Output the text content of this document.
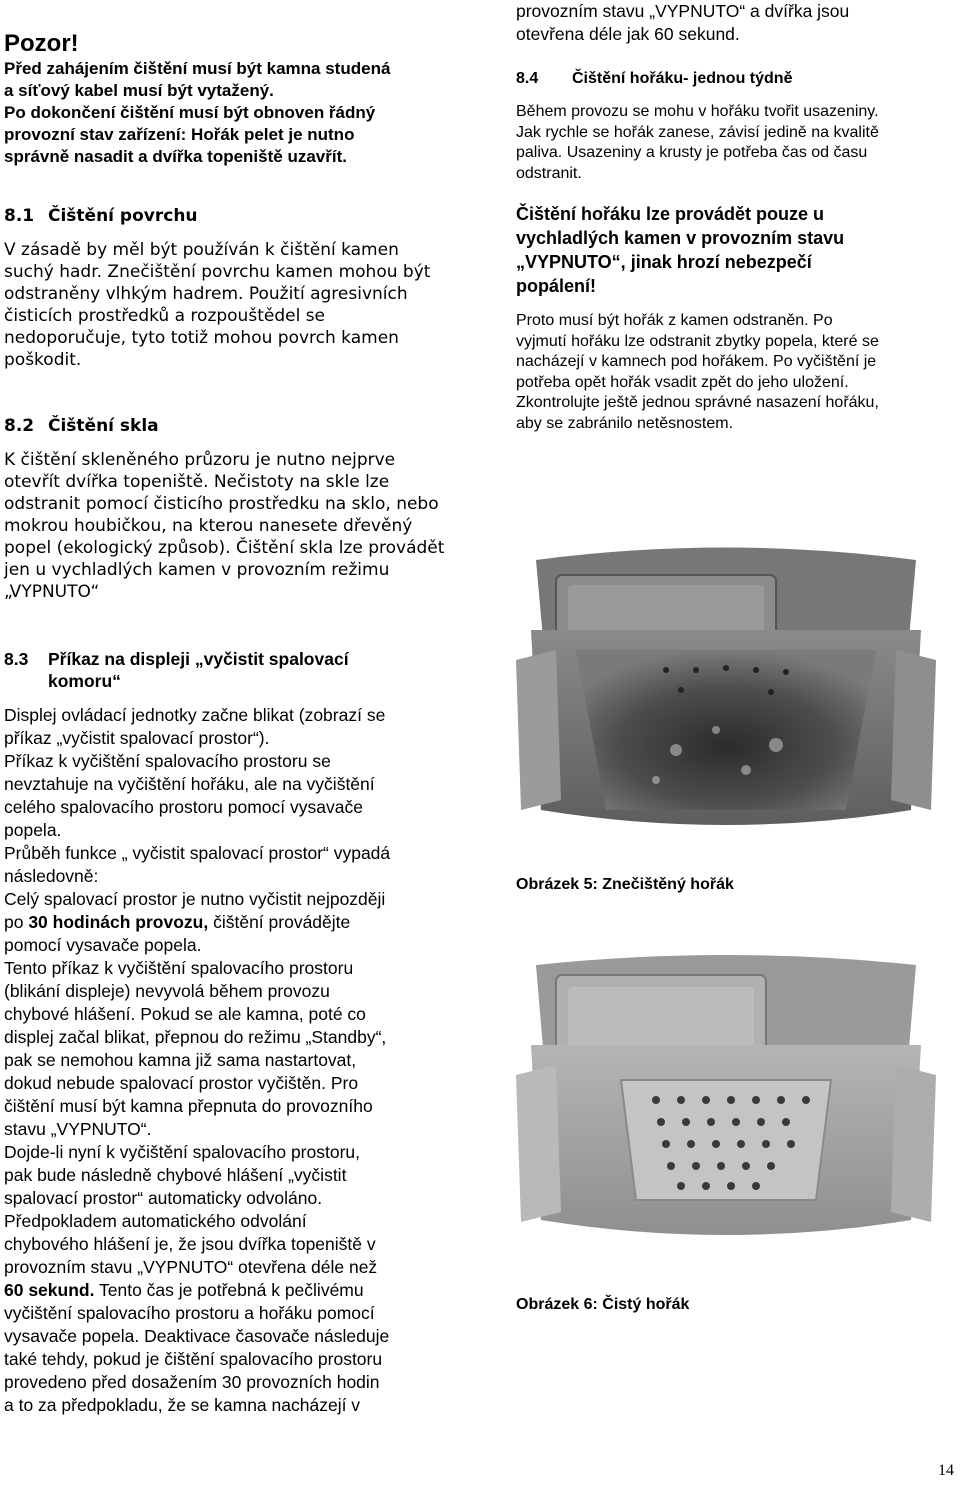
Pozor!

Před zahájením čištění musí být kamna studená

a síťový kabel musí být vytažený.

Po dokončení čištění musí být obnoven řádný

provozní stav zařízení: Hořák pelet je nutno

správně nasadit a dvířka topeniště uzavřít.

8.1 Čištění povrchu

V zásadě by měl být používán k čištění kamen

suchý hadr. Znečištění povrchu kamen mohou být

odstraněny vlhkým hadrem. Použití agresivních

čisticích prostředků a rozpouštědel se

nedoporučuje, tyto totiž mohou povrch kamen

poškodit.

8.2 Čištění skla

K čištění skleněného průzoru je nutno nejprve

otevřít dvířka topeniště. Nečistoty na skle lze

odstranit pomocí čisticího prostředku na sklo, nebo

mokrou houbičkou, na kterou nanesete dřevěný

popel (ekologický způsob). Čištění skla lze provádět

jen u vychladlých kamen v provozním režimu

„VYPNUTO“

8.3 Příkaz na displeji „vyčistit spalovací

komoru“

Displej ovládací jednotky začne blikat (zobrazí se

příkaz „vyčistit spalovací prostor“).

Příkaz k vyčištění spalovacího prostoru se

nevztahuje na vyčištění hořáku, ale na vyčištění

celého spalovacího prostoru pomocí vysavače

popela.

Průběh funkce „ vyčistit spalovací prostor“ vypadá

následovně:

Celý spalovací prostor je nutno vyčistit nejpozději

po 30 hodinách provozu, čištění provádějte

pomocí vysavače popela.

Tento příkaz k vyčištění spalovacího prostoru

(blikání displeje) nevyvolá během provozu

chybové hlášení. Pokud se ale kamna, poté co

displej začal blikat, přepnou do režimu „Standby“,

pak se nemohou kamna již sama nastartovat,

dokud nebude spalovací prostor vyčištěn. Pro

čištění musí být kamna přepnuta do provozního

stavu „VYPNUTO“.

Dojde-li nyní k vyčištění spalovacího prostoru,

pak bude následně chybové hlášení „vyčistit

spalovací prostor“ automaticky odvoláno.

Předpokladem automatického odvolání

chybového hlášení je, že jsou dvířka topeniště v

provozním stavu „VYPNUTO“ otevřena déle než

60 sekund. Tento čas je potřebná k pečlivému

vyčištění spalovacího prostoru a hořáku pomocí

vysavače popela. Deaktivace časovače následuje

také tehdy, pokud je čištění spalovacího prostoru

provedeno před dosažením 30 provozních hodin

a to za předpokladu, že se kamna nacházejí v

provozním stavu „VYPNUTO“ a dvířka jsou

otevřena déle jak 60 sekund.

8.4 Čištění hořáku- jednou týdně

Během provozu se mohu v hořáku tvořit usazeniny.

Jak rychle se hořák zanese, závisí jedině na kvalitě

paliva. Usazeniny a krusty je potřeba čas od času

odstranit.

Čištění hořáku lze provádět pouze u

vychladlých kamen v provozním stavu

„VYPNUTO“, jinak hrozí nebezpečí

popálení!

Proto musí být hořák z kamen odstraněn. Po

vyjmutí hořáku lze odstranit zbytky popela, které se

nacházejí v kamnech pod hořákem. Po vyčištění je

potřeba opět hořák vsadit zpět do jeho uložení.

Zkontrolujte ještě jednou správné nasazení hořáku,

aby se zabránilo netěsnostem.

Obrázek 5: Znečištěný hořák

Obrázek 6: Čistý hořák

14
